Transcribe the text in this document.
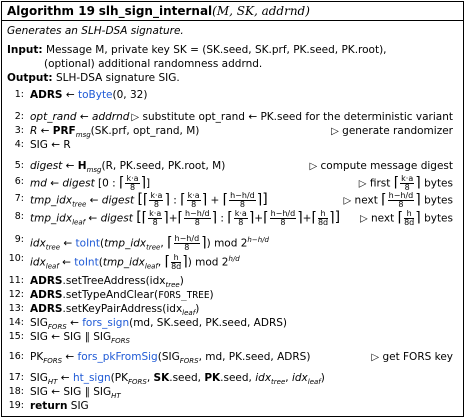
Algorithm 19 slh_sign_internal(M, SK, addrnd)
Generates an SLH-DSA signature.
Input: Message M, private key SK = (SK.seed, SK.prf, PK.seed, PK.root),
(optional) additional randomness addrnd.
Output: SLH-DSA signature SIG.
1: ADRS ← toByte(0, 32)
2: opt_rand ← addrnd ▷ substitute opt_rand ← PK.seed for the deterministic variant
3: R ← $PRF_{msg}(SK.prf$, opt_rand, M)	▷ generate randomizer
4: SIG ← R
5: digest ← $H_{msg}(R$, PK.seed, PK.root, M)	▷ compute message digest
6: md ← digest [0 : ⌈ $\frac{k\cdot a}{8}$ ⌉]	▷ first ⌈ $\frac{k\cdot a}{8}$ ⌉ bytes
7: tmp_idx$_{tree}$ ← digest [⌈ $\frac{k\cdot a}{8}$ ⌉ : ⌈ $\frac{k\cdot a}{8}$ ⌉ + ⌈ $\frac{h-h/d}{8}$ ⌉]	▷ next ⌈ $\frac{h-h/d}{8}$ ⌉ bytes
8: tmp_idx$_{leaf}$ ← digest [⌈ $\frac{k\cdot a}{8}$ ⌉+⌈ $\frac{h-h/d}{8}$ ⌉ : ⌈ $\frac{k\cdot a}{8}$ ⌉+⌈ $\frac{h-h/d}{8}$ ⌉+⌈ $\frac{h}{8d}$ ⌉] ▷ next ⌈ $\frac{h}{8d}$ ⌉ bytes
9: idx$_{tree}$ ← toInt(tmp_idx$_{tree}$, ⌈ $\frac{h-h/d}{8}$ ⌉) mod $2^{h-h/d}$
10: idx$_{leaf}$ ← toInt(tmp_idx$_{leaf}$, ⌈ $\frac{h}{8d}$ ⌉) mod $2^{h/d}$
11: ADRS.setTreeAddress(idx$_{tree}$)
12: ADRS.setTypeAndClear(FORS_TREE)
13: ADRS.setKeyPairAddress(idx$_{leaf}$)
14: $SIG_{FORS}$ ← fors_sign(md, SK.seed, PK.seed, ADRS)
15: SIG ← SIG ∥ $SIG_{FORS}$
16: $PK_{FORS}$ ← $fors\_pkFromSig(SIG_{FORS}$, md, PK.seed, ADRS)	▷ get FORS key
17: $SIG_{HT}$ ← $ht\_sign(PK_{FORS}$, SK.seed, PK.seed, idx$_{tree}$, idx$_{leaf}$)
18: SIG ← SIG ∥ $SIG_{HT}$
19: return SIG
